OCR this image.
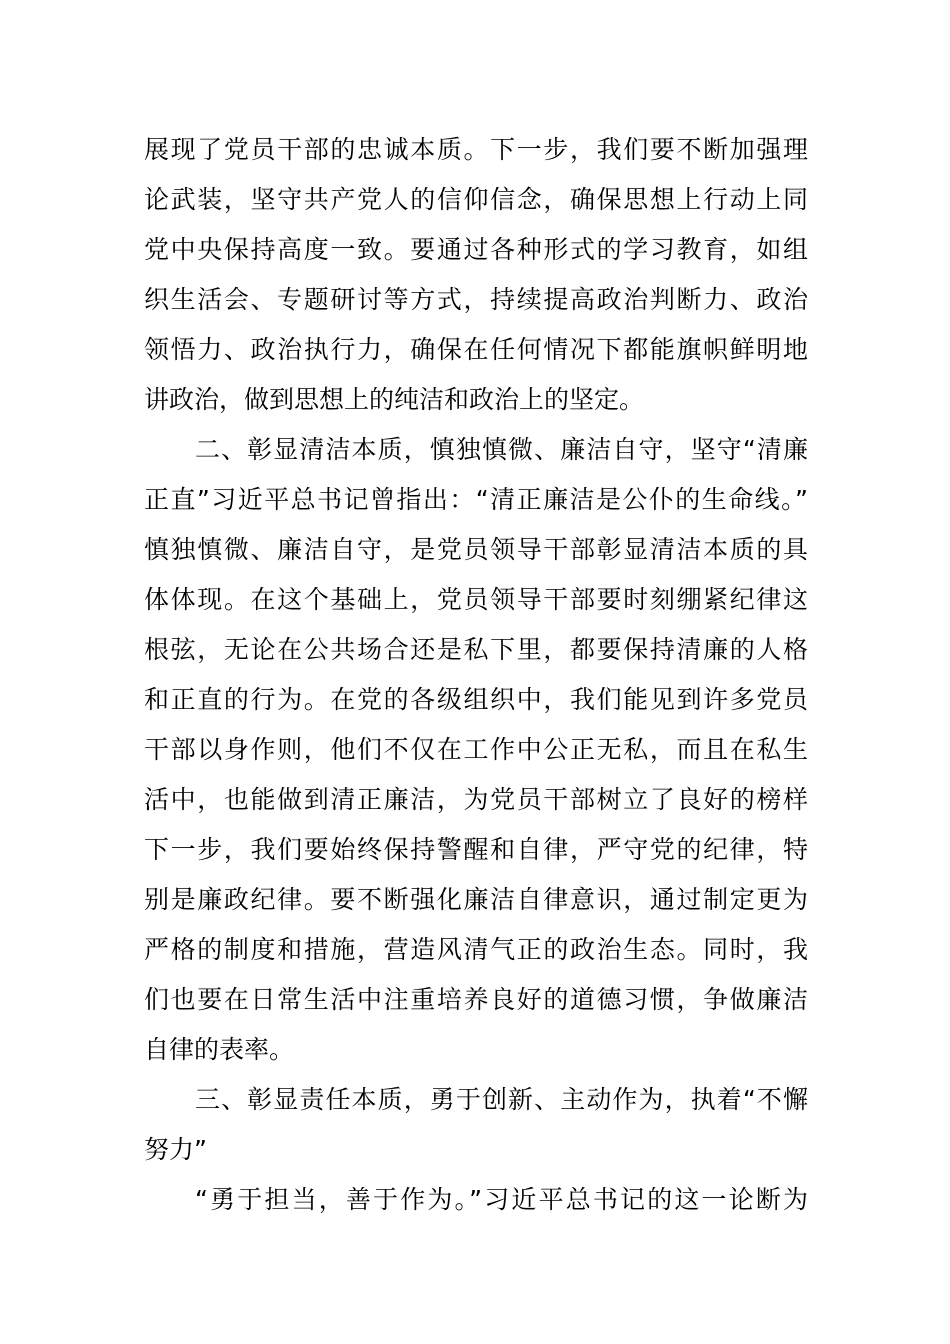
展现了党员干部的忠诚本质。下一步，我们要不断加强理
论武装，坚守共产党人的信仰信念，确保思想上行动上同
党中央保持高度一致。要通过各种形式的学习教育，如组
织生活会、专题研讨等方式，持续提高政治判断力、政治
领悟力、政治执行力，确保在任何情况下都能旗帜鲜明地
讲政治，做到思想上的纯洁和政治上的坚定。
二、彰显清洁本质，慎独慎微、廉洁自守，坚守“清廉
正直”习近平总书记曾指出：“清正廉洁是公仆的生命线。”
慎独慎微、廉洁自守，是党员领导干部彰显清洁本质的具
体体现。在这个基础上，党员领导干部要时刻绷紧纪律这
根弦，无论在公共场合还是私下里，都要保持清廉的人格
和正直的行为。在党的各级组织中，我们能见到许多党员
干部以身作则，他们不仅在工作中公正无私，而且在私生
活中，也能做到清正廉洁，为党员干部树立了良好的榜样
下一步，我们要始终保持警醒和自律，严守党的纪律，特
别是廉政纪律。要不断强化廉洁自律意识，通过制定更为
严格的制度和措施，营造风清气正的政治生态。同时，我
们也要在日常生活中注重培养良好的道德习惯，争做廉洁
自律的表率。
三、彰显责任本质，勇于创新、主动作为，执着“不懈
努力”
“勇于担当，善于作为。”习近平总书记的这一论断为
